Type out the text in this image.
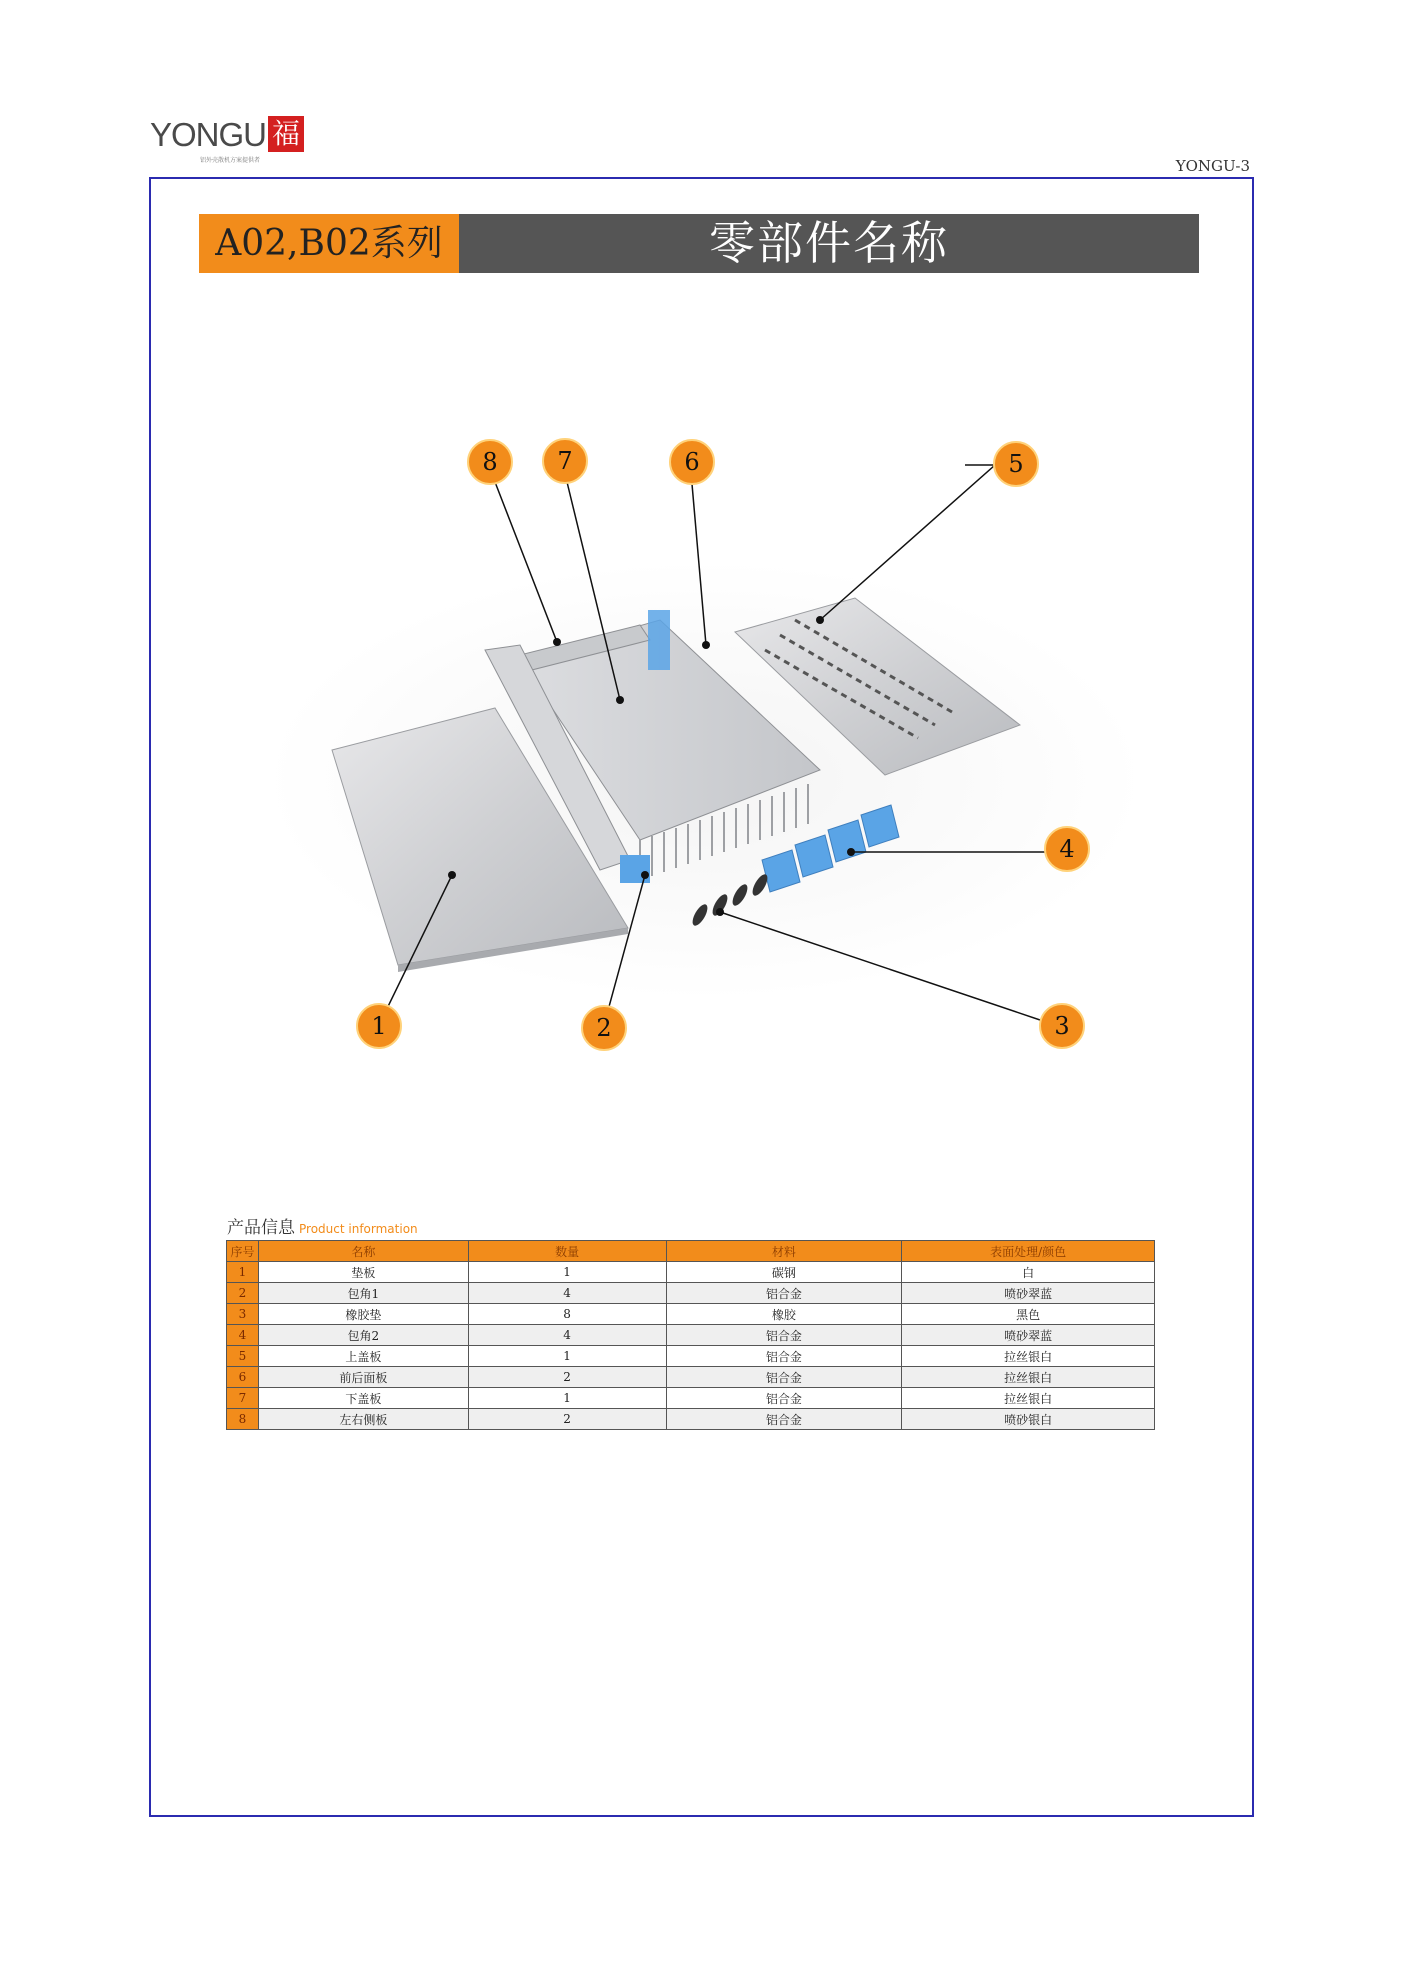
YONGU 福
铝外壳散机方案提供者	YONGU-3
A02,B02系列	零部件名称
1	2	3
4
5
6
7
8
产品信息 Product information
序号	名称	数量	材料	表面处理/颜色
1	垫板	1	碳钢	白
2	包角1	4	铝合金	喷砂翠蓝
3	橡胶垫	8	橡胶	黑色
4	包角2	4	铝合金	喷砂翠蓝
5	上盖板	1	铝合金	拉丝银白
6	前后面板	2	铝合金	拉丝银白
7	下盖板	1	铝合金	拉丝银白
8	左右侧板	2	铝合金	喷砂银白
